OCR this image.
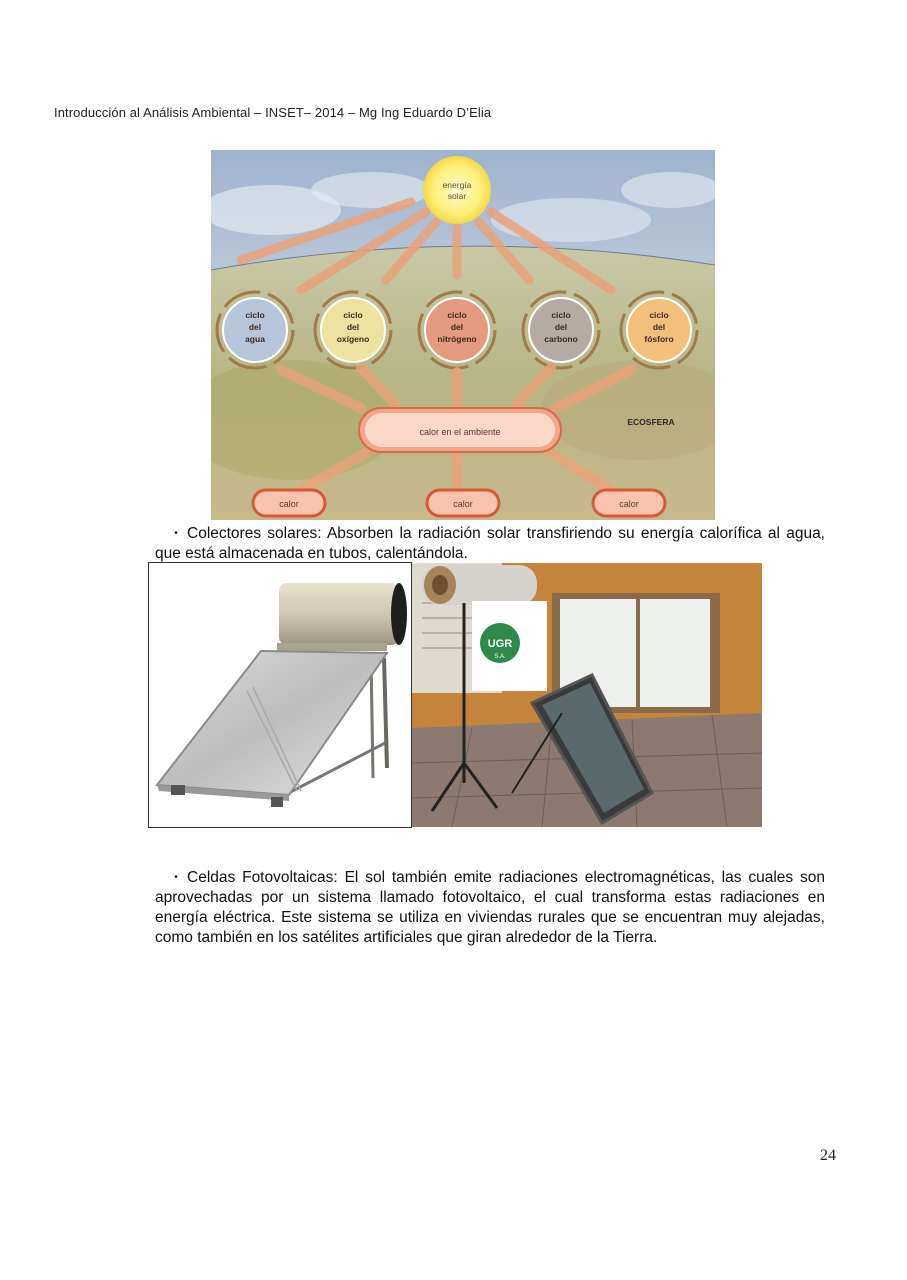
Introducción al Análisis Ambiental – INSET– 2014 – Mg Ing Eduardo D’Elia
energía
solar
ciclo
del
agua
ciclo
del
oxígeno
ciclo
del
nitrógeno
ciclo
del
carbono
ciclo
del
fósforo
calor en el ambiente
ECOSFERA
calor	calor	calor
• Colectores solares: Absorben la radiación solar transfiriendo su energía calorífica al agua, que está almacenada en tubos, calentándola.
UGR
S.A.
• Celdas Fotovoltaicas: El sol también emite radiaciones electromagnéticas, las cuales son aprovechadas por un sistema llamado fotovoltaico, el cual transforma estas radiaciones en energía eléctrica. Este sistema se utiliza en viviendas rurales que se encuentran muy alejadas, como también en los satélites artificiales que giran alrededor de la Tierra.
24
